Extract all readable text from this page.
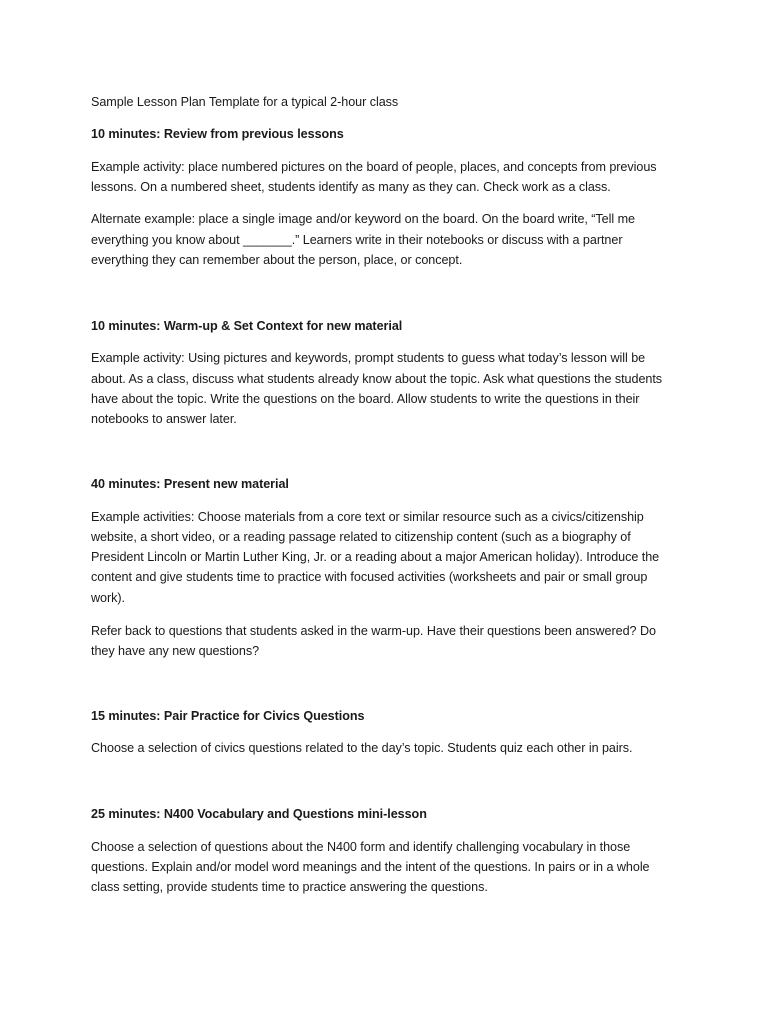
Sample Lesson Plan Template for a typical 2-hour class
10 minutes: Review from previous lessons
Example activity: place numbered pictures on the board of people, places, and concepts from previous
lessons. On a numbered sheet, students identify as many as they can. Check work as a class.
Alternate example: place a single image and/or keyword on the board. On the board write, “Tell me
everything you know about _______.” Learners write in their notebooks or discuss with a partner
everything they can remember about the person, place, or concept.
10 minutes: Warm-up & Set Context for new material
Example activity: Using pictures and keywords, prompt students to guess what today’s lesson will be
about. As a class, discuss what students already know about the topic. Ask what questions the students
have about the topic. Write the questions on the board. Allow students to write the questions in their
notebooks to answer later.
40 minutes: Present new material
Example activities: Choose materials from a core text or similar resource such as a civics/citizenship
website, a short video, or a reading passage related to citizenship content (such as a biography of
President Lincoln or Martin Luther King, Jr. or a reading about a major American holiday). Introduce the
content and give students time to practice with focused activities (worksheets and pair or small group
work).
Refer back to questions that students asked in the warm-up. Have their questions been answered? Do
they have any new questions?
15 minutes: Pair Practice for Civics Questions
Choose a selection of civics questions related to the day’s topic. Students quiz each other in pairs.
25 minutes: N400 Vocabulary and Questions mini-lesson
Choose a selection of questions about the N400 form and identify challenging vocabulary in those
questions. Explain and/or model word meanings and the intent of the questions. In pairs or in a whole
class setting, provide students time to practice answering the questions.
